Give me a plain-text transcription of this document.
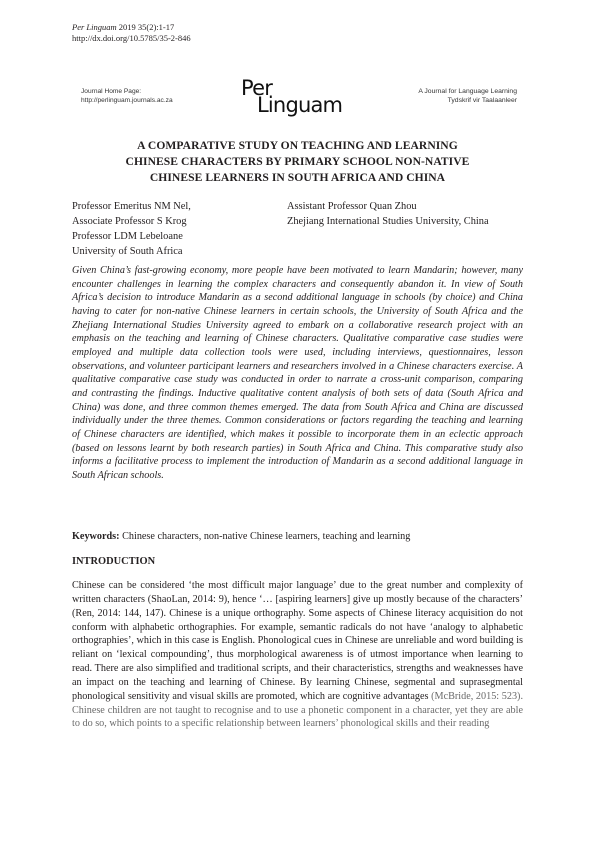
Per Linguam 2019 35(2):1-17
http://dx.doi.org/10.5785/35-2-846
Journal Home Page:
http://perlinguam.journals.ac.za
Per
Linguam
A Journal for Language Learning
Tydskrif vir Taalaanleer
A COMPARATIVE STUDY ON TEACHING AND LEARNING
CHINESE CHARACTERS BY PRIMARY SCHOOL NON-NATIVE
CHINESE LEARNERS IN SOUTH AFRICA AND CHINA
Professor Emeritus NM Nel,
Associate Professor S Krog
Professor LDM Lebeloane
University of South Africa
Assistant Professor Quan Zhou
Zhejiang International Studies University, China
Given China’s fast-growing economy, more people have been motivated to learn Mandarin; however, many encounter challenges in learning the complex characters and consequently abandon it. In view of South Africa’s decision to introduce Mandarin as a second additional language in schools (by choice) and China having to cater for non-native Chinese learners in certain schools, the University of South Africa and the Zhejiang International Studies University agreed to embark on a collaborative research project with an emphasis on the teaching and learning of Chinese characters. Qualitative comparative case studies were employed and multiple data collection tools were used, including interviews, questionnaires, lesson observations, and volunteer participant learners and researchers involved in a Chinese characters exercise. A qualitative comparative case study was conducted in order to narrate a cross-unit comparison, comparing and contrasting the findings. Inductive qualitative content analysis of both sets of data (South Africa and China) was done, and three common themes emerged. The data from South Africa and China are discussed individually under the three themes. Common considerations or factors regarding the teaching and learning of Chinese characters are identified, which makes it possible to incorporate them in an eclectic approach (based on lessons learnt by both research parties) in South Africa and China. This comparative study also informs a facilitative process to implement the introduction of Mandarin as a second additional language in South African schools.
Keywords: Chinese characters, non-native Chinese learners, teaching and learning
INTRODUCTION
Chinese can be considered ‘the most difficult major language’ due to the great number and complexity of written characters (ShaoLan, 2014: 9), hence ‘… [aspiring learners] give up mostly because of the characters’ (Ren, 2014: 144, 147). Chinese is a unique orthography. Some aspects of Chinese literacy acquisition do not conform with alphabetic orthographies. For example, semantic radicals do not have ‘analogy to alphabetic orthographies’, which in this case is English. Phonological cues in Chinese are unreliable and word building is reliant on ‘lexical compounding’, thus morphological awareness is of utmost importance when learning to read. There are also simplified and traditional scripts, and their characteristics, strengths and weaknesses have an impact on the teaching and learning of Chinese. By learning Chinese, segmental and suprasegmental phonological sensitivity and visual skills are promoted, which are cognitive advantages (McBride, 2015: 523). Chinese children are not taught to recognise and to use a phonetic component in a character, yet they are able to do so, which points to a specific relationship between learners’ phonological skills and their reading
